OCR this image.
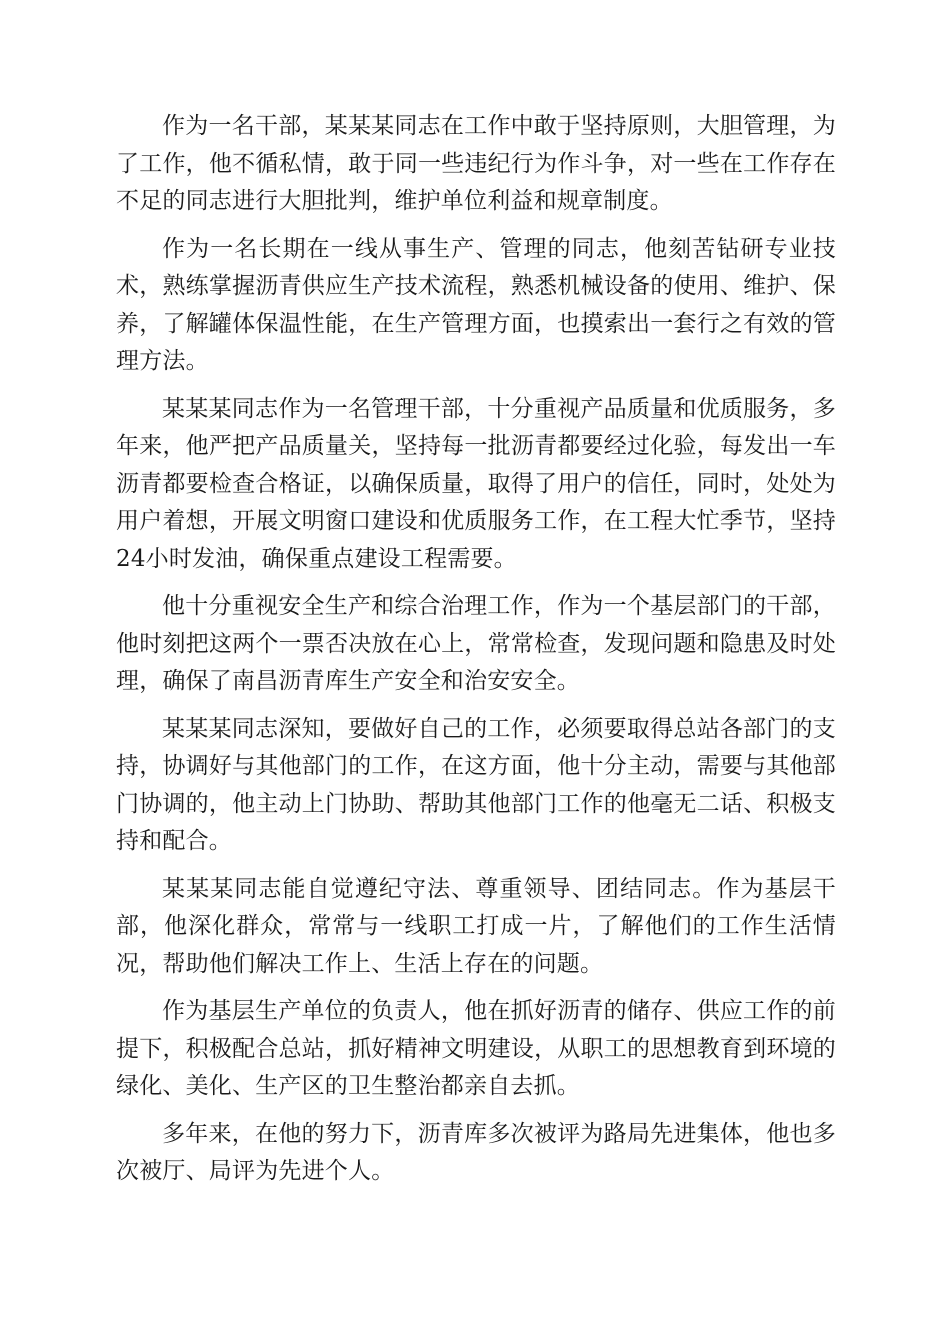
作为一名干部，某某某同志在工作中敢于坚持原则，大胆管理，为了工作，他不循私情，敢于同一些违纪行为作斗争，对一些在工作存在不足的同志进行大胆批判，维护单位利益和规章制度。

作为一名长期在一线从事生产、管理的同志，他刻苦钻研专业技术，熟练掌握沥青供应生产技术流程，熟悉机械设备的使用、维护、保养，了解罐体保温性能，在生产管理方面，也摸索出一套行之有效的管理方法。

某某某同志作为一名管理干部，十分重视产品质量和优质服务，多年来，他严把产品质量关，坚持每一批沥青都要经过化验，每发出一车沥青都要检查合格证，以确保质量，取得了用户的信任，同时，处处为用户着想，开展文明窗口建设和优质服务工作，在工程大忙季节，坚持24小时发油，确保重点建设工程需要。

他十分重视安全生产和综合治理工作，作为一个基层部门的干部，他时刻把这两个一票否决放在心上，常常检查，发现问题和隐患及时处理，确保了南昌沥青库生产安全和治安安全。

某某某同志深知，要做好自己的工作，必须要取得总站各部门的支持，协调好与其他部门的工作，在这方面，他十分主动，需要与其他部门协调的，他主动上门协助、帮助其他部门工作的他毫无二话、积极支持和配合。

某某某同志能自觉遵纪守法、尊重领导、团结同志。作为基层干部，他深化群众，常常与一线职工打成一片，了解他们的工作生活情况，帮助他们解决工作上、生活上存在的问题。

作为基层生产单位的负责人，他在抓好沥青的储存、供应工作的前提下，积极配合总站，抓好精神文明建设，从职工的思想教育到环境的绿化、美化、生产区的卫生整治都亲自去抓。

多年来，在他的努力下，沥青库多次被评为路局先进集体，他也多次被厅、局评为先进个人。
